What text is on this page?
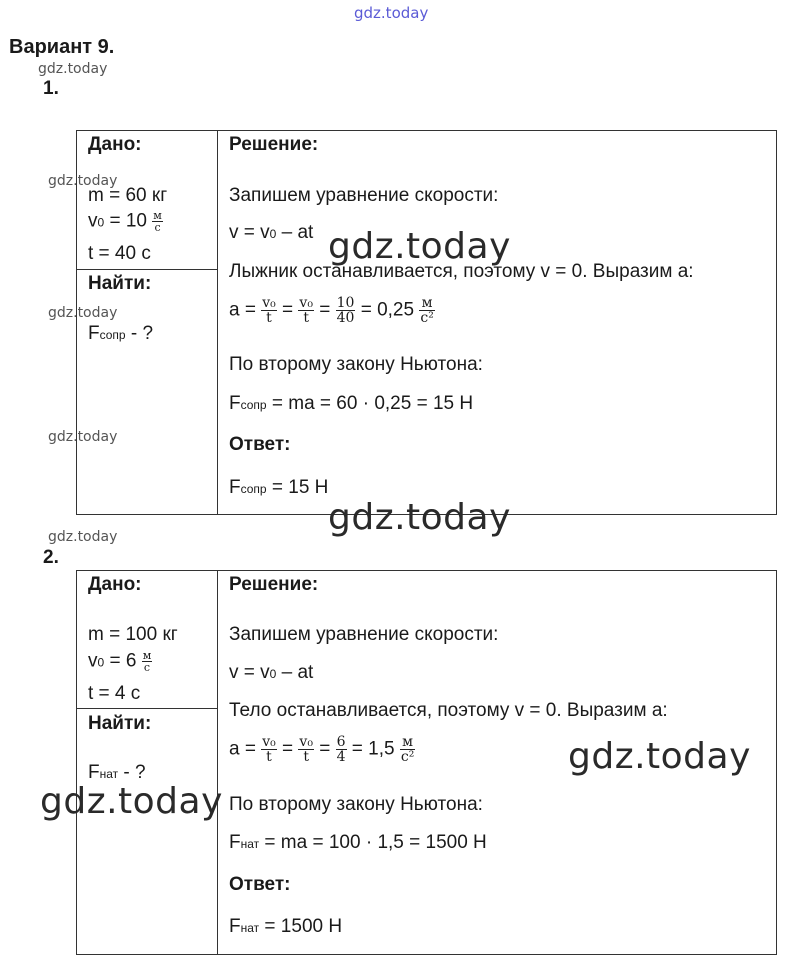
gdz.today
gdz.today
gdz.today
gdz.today
gdz.today
gdz.today
Вариант 9.
1.
Дано:
m = 60 кг
$v0 = 10 \frac{м}{с}$
t = 40 с
Найти:
Fсопр - ?
Решение:
Запишем уравнение скорости:
v = v0 – at
Лыжник останавливается, поэтому v = 0. Выразим a:
$a = \frac{\text{v₀}}{t} = \frac{\text{v₀}}{t} = \frac{10}{40} = 0,25 \frac{м}{\text{с²}}$
По второму закону Ньютона:
Fсопр = ma = 60 · 0,25 = 15 Н
Ответ:
Fсопр = 15 Н
2.
Дано:
m = 100 кг
$v0 = 6 \frac{м}{с}$
t = 4 с
Найти:
Fнат - ?
Решение:
Запишем уравнение скорости:
v = v0 – at
Тело останавливается, поэтому v = 0. Выразим a:
$a = \frac{\text{v₀}}{t} = \frac{\text{v₀}}{t} = \frac{6}{4} = 1,5 \frac{м}{\text{с²}}$
По второму закону Ньютона:
Fнат = ma = 100 · 1,5 = 1500 Н
Ответ:
Fнат = 1500 Н
gdz.today
gdz.today
gdz.today
gdz.today
